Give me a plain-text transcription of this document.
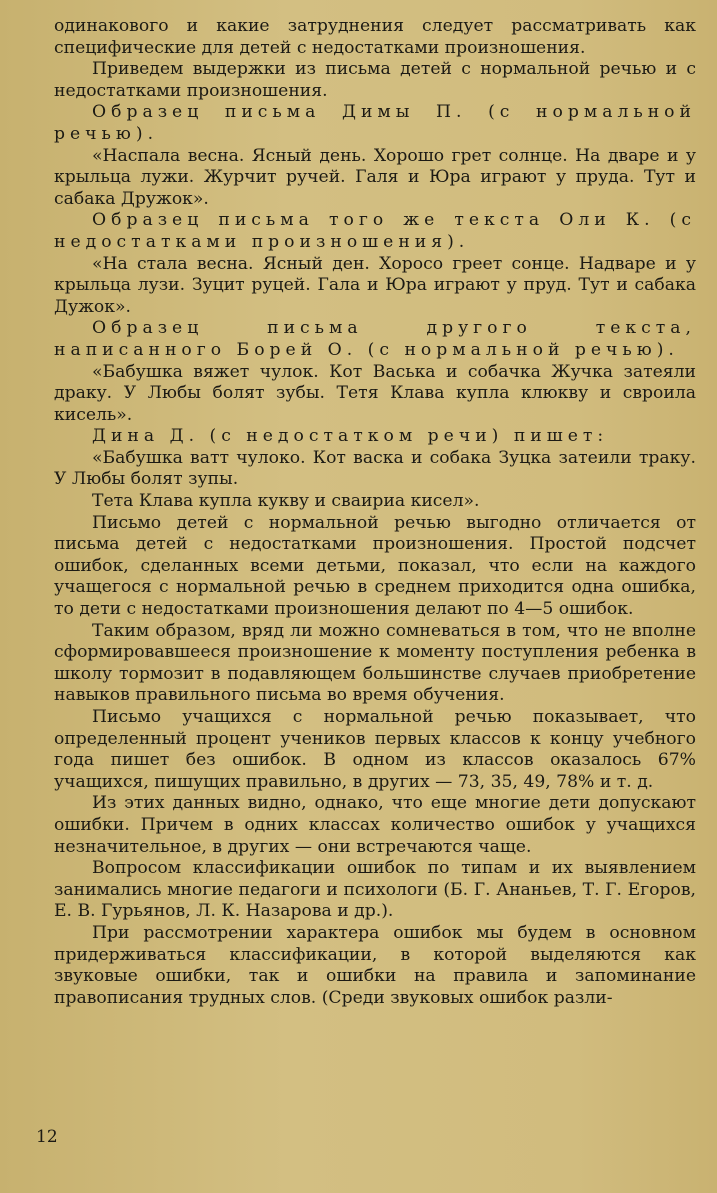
одинакового и какие затруднения следует рассматривать как специфические для детей с недостатками произношения.

Приведем выдержки из письма детей с нормальной речью и с недостатками произношения.

Образец письма Димы П. (с нормальной речью).

«Наспала весна. Ясный день. Хорошо грет солнце. На дваре и у крыльца лужи. Журчит ручей. Галя и Юра играют у пруда. Тут и сабака Дружок».

Образец письма того же текста Оли К. (с недостатками произношения).

«На стала весна. Ясный ден. Хоросо греет сонце. Надваре и у крыльца лузи. Зуцит руцей. Гала и Юра играют у прyд. Тут и сабака Дужок».

Образец письма другого текста, написанного Борей О. (с нормальной речью).

«Бабушка вяжет чулок. Кот Васька и собачка Жучка затеяли драку. У Любы болят зубы. Тетя Клава купла клюкву и свроила кисель».

Дина Д. (с недостатком речи) пишет:

«Бабушка ватт чулоко. Кот васка и собака Зуцка затеили траку. У Любы болят зупы.

Тета Клава купла кукву и сваириа кисел».

Письмо детей с нормальной речью выгодно отличается от письма детей с недостатками произношения. Простой подсчет ошибок, сделанных всеми детьми, показал, что если на каждого учащегося с нормальной речью в среднем приходится одна ошибка, то дети с недостатками произношения делают по 4—5 ошибок.

Таким образом, вряд ли можно сомневаться в том, что не вполне сформировавшееся произношение к моменту поступления ребенка в школу тормозит в подавляющем большинстве случаев приобретение навыков правильного письма во время обучения.

Письмо учащихся с нормальной речью показывает, что определенный процент учеников первых классов к концу учебного года пишет без ошибок. В одном из классов оказалось 67% учащихся, пишущих правильно, в других — 73, 35, 49, 78% и т. д.

Из этих данных видно, однако, что еще многие дети допускают ошибки. Причем в одних классах количество ошибок у учащихся незначительное, в других — они встречаются чаще.

Вопросом классификации ошибок по типам и их выявлением занимались многие педагоги и психологи (Б. Г. Ананьев, Т. Г. Егоров, Е. В. Гурьянов, Л. К. Назарова и др.).

При рассмотрении характера ошибок мы будем в основном придерживаться классификации, в которой выделяются как звуковые ошибки, так и ошибки на правила и запоминание правописания трудных слов. (Среди звуковых ошибок разли-

12
